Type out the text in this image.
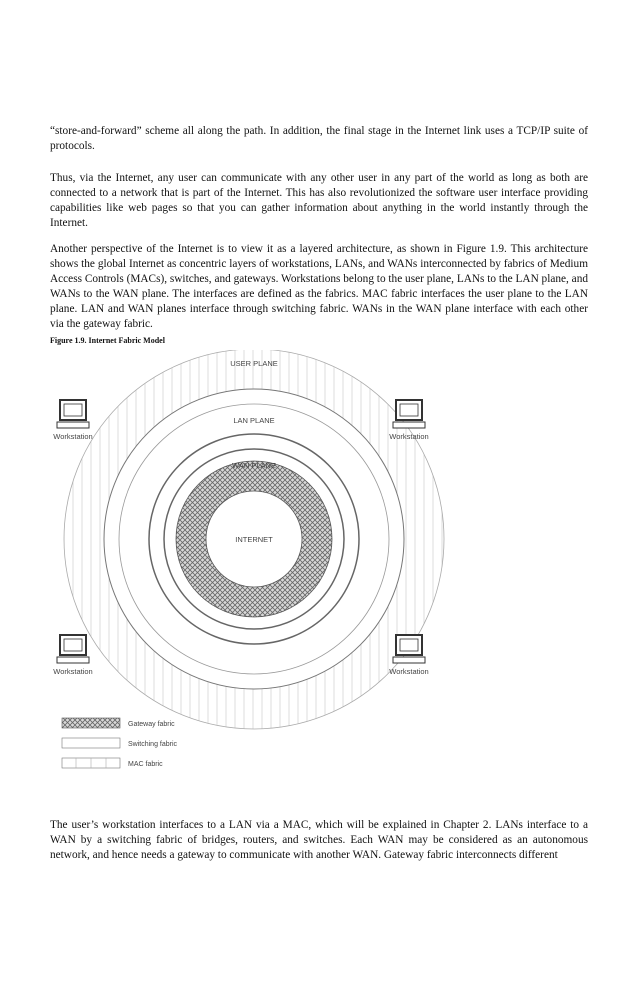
“store-and-forward” scheme all along the path. In addition, the final stage in the Internet link uses a TCP/IP suite of protocols.

Thus, via the Internet, any user can communicate with any other user in any part of the world as long as both are connected to a network that is part of the Internet. This has also revolutionized the software user interface providing capabilities like web pages so that you can gather information about anything in the world instantly through the Internet.

Another perspective of the Internet is to view it as a layered architecture, as shown in Figure 1.9. This architecture shows the global Internet as concentric layers of workstations, LANs, and WANs interconnected by fabrics of Medium Access Controls (MACs), switches, and gateways. Workstations belong to the user plane, LANs to the LAN plane, and WANs to the WAN plane. The interfaces are defined as the fabrics. MAC fabric interfaces the user plane to the LAN plane. LAN and WAN planes interface through switching fabric. WANs in the WAN plane interface with each other via the gateway fabric.

Figure 1.9. Internet Fabric Model

USER PLANE
LAN PLANE
WAN PLANE
INTERNET
Workstation	Workstation
Workstation	Workstation
Gateway fabric
Switching fabric
MAC fabric

The user’s workstation interfaces to a LAN via a MAC, which will be explained in Chapter 2. LANs interface to a WAN by a switching fabric of bridges, routers, and switches. Each WAN may be considered as an autonomous network, and hence needs a gateway to communicate with another WAN. Gateway fabric interconnects different
